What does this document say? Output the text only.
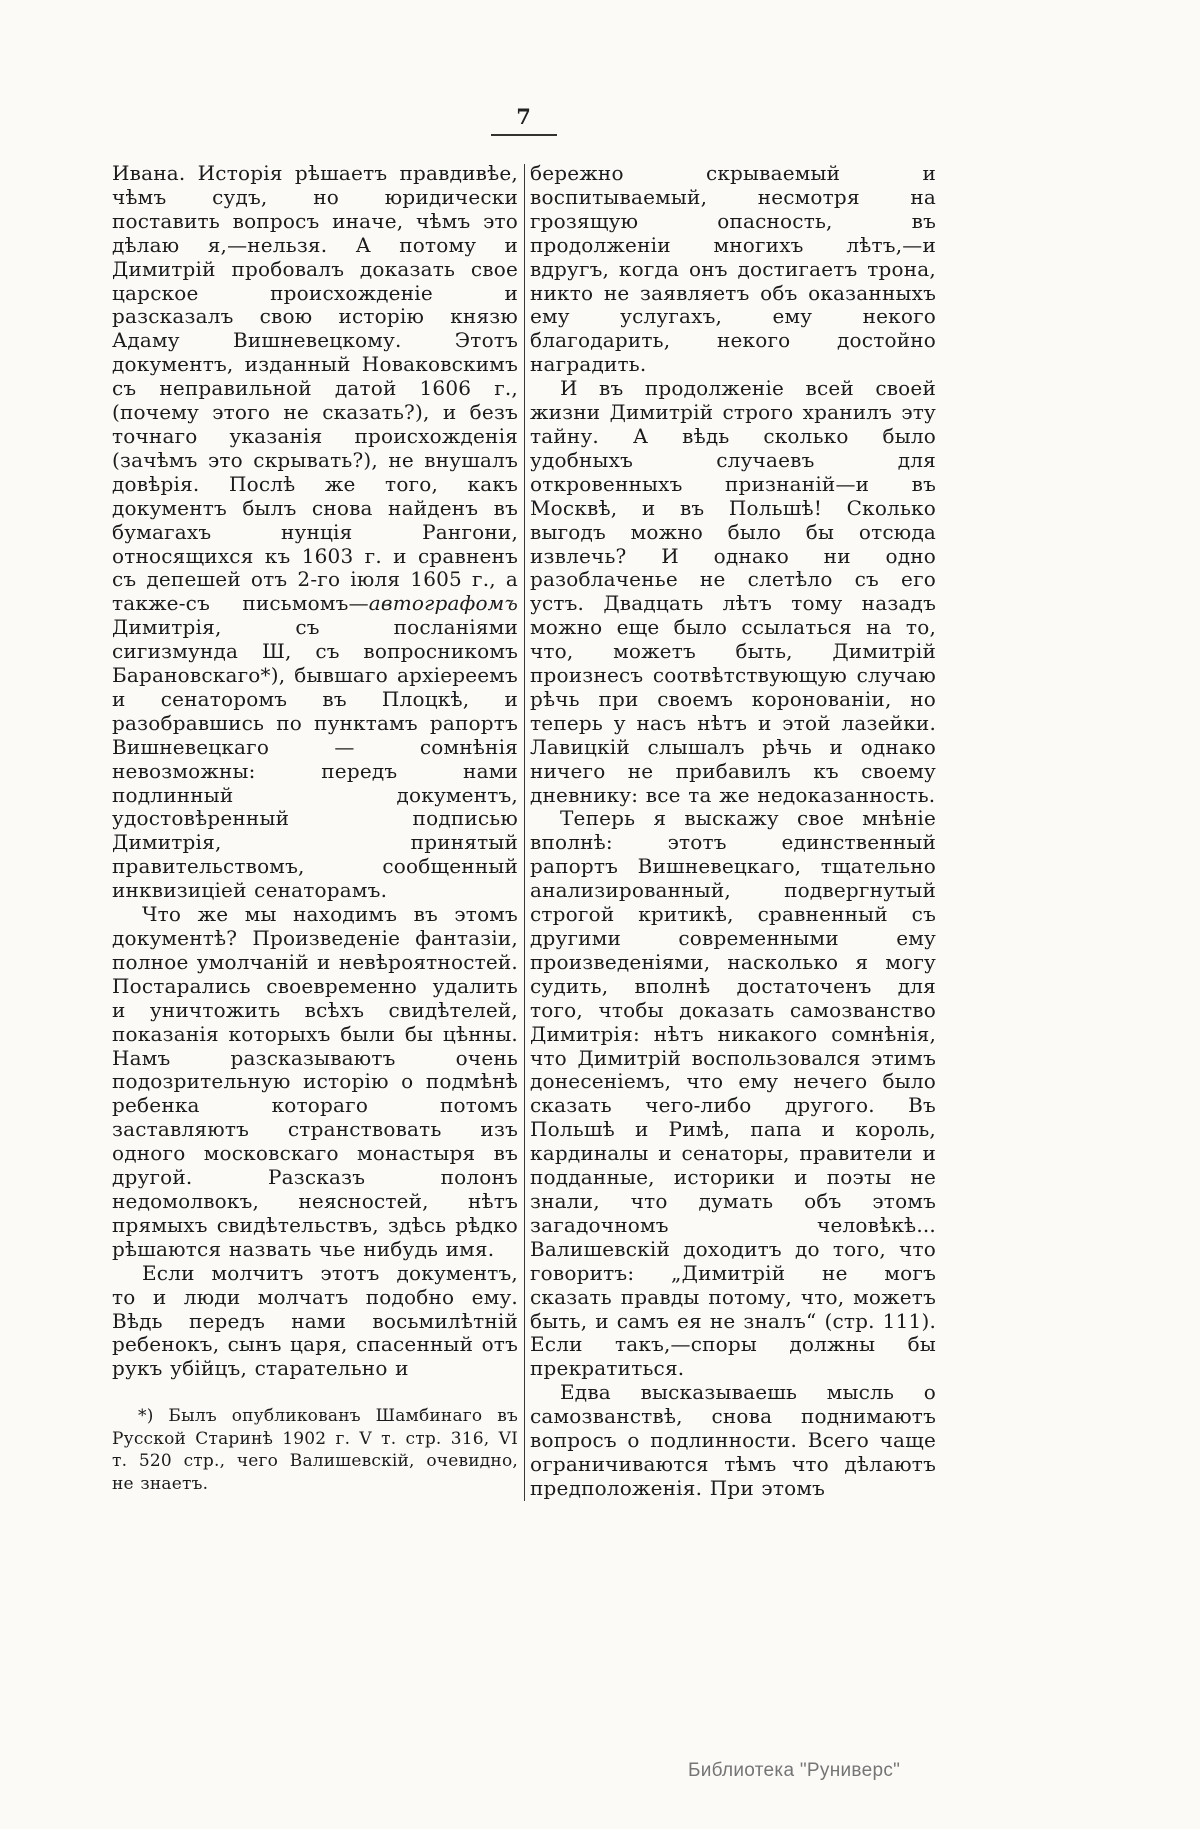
7

Ивана. Исторія рѣшаетъ правдивѣе, чѣмъ судъ, но юридически поставить вопросъ иначе, чѣмъ это дѣлаю я,—нельзя. А потому и Димитрій пробовалъ доказать свое царское происхожденіе и разсказалъ свою исторію князю Адаму Вишневецкому. Этотъ документъ, изданный Новаковскимъ съ неправильной датой 1606 г., (почему этого не сказать?), и безъ точнаго указанія происхожденія (зачѣмъ это скрывать?), не внушалъ довѣрія. Послѣ же того, какъ документъ былъ снова найденъ въ бумагахъ нунція Рангони, относящихся къ 1603 г. и сравненъ съ депешей отъ 2-го іюля 1605 г., а также-съ письмомъ—автографомъ Димитрія, съ посланіями сигизмунда Ш, съ вопросникомъ Барановскаго*), бывшаго архіереемъ и сенаторомъ въ Плоцкѣ, и разобравшись по пунктамъ рапортъ Вишневецкаго — сомнѣнія невозможны: передъ нами подлинный документъ, удостовѣренный подписью Димитрія, принятый правительствомъ, сообщенный инквизиціей сенаторамъ.

Что же мы находимъ въ этомъ документѣ? Произведеніе фантазіи, полное умолчаній и невѣроятностей. Постарались своевременно удалить и уничтожить всѣхъ свидѣтелей, показанія которыхъ были бы цѣнны. Намъ разсказываютъ очень подозрительную исторію о подмѣнѣ ребенка котораго потомъ заставляютъ странствовать изъ одного московскаго монастыря въ другой. Разсказъ полонъ недомолвокъ, неясностей, нѣтъ прямыхъ свидѣтельствъ, здѣсь рѣдко рѣшаются назвать чье нибудь имя.

Если молчитъ этотъ документъ, то и люди молчатъ подобно ему. Вѣдь передъ нами восьмилѣтній ребенокъ, сынъ царя, спасенный отъ рукъ убійцъ, старательно и

*) Былъ опубликованъ Шамбинаго въ Русской Старинѣ 1902 г. V т. стр. 316, VI т. 520 стр., чего Валишевскій, очевидно, не знаетъ.

бережно скрываемый и воспитываемый, несмотря на грозящую опасность, въ продолженіи многихъ лѣтъ,—и вдругъ, когда онъ достигаетъ трона, никто не заявляетъ объ оказанныхъ ему услугахъ, ему некого благодарить, некого достойно наградить.

И въ продолженіе всей своей жизни Димитрій строго хранилъ эту тайну. А вѣдь сколько было удобныхъ случаевъ для откровенныхъ признаній—и въ Москвѣ, и въ Польшѣ! Сколько выгодъ можно было бы отсюда извлечь? И однако ни одно разоблаченье не слетѣло съ его устъ. Двадцать лѣтъ тому назадъ можно еще было ссылаться на то, что, можетъ быть, Димитрій произнесъ соотвѣтствующую случаю рѣчь при своемъ коронованіи, но теперь у насъ нѣтъ и этой лазейки. Лавицкій слышалъ рѣчь и однако ничего не прибавилъ къ своему дневнику: все та же недоказанность.

Теперь я выскажу свое мнѣніе вполнѣ: этотъ единственный рапортъ Вишневецкаго, тщательно анализированный, подвергнутый строгой критикѣ, сравненный съ другими современными ему произведеніями, насколько я могу судить, вполнѣ достаточенъ для того, чтобы доказать самозванство Димитрія: нѣтъ никакого сомнѣнія, что Димитрій воспользовался этимъ донесеніемъ, что ему нечего было сказать чего-либо другого. Въ Польшѣ и Римѣ, папа и король, кардиналы и сенаторы, правители и подданные, историки и поэты не знали, что думать объ этомъ загадочномъ человѣкѣ... Валишевскій доходитъ до того, что говоритъ: „Димитрій не могъ сказать правды потому, что, можетъ быть, и самъ ея не зналъ“ (стр. 111). Если такъ,—споры должны бы прекратиться.

Едва высказываешь мысль о самозванствѣ, снова поднимаютъ вопросъ о подлинности. Всего чаще ограничиваются тѣмъ что дѣлаютъ предположенія. При этомъ

Библиотека "Руниверс"
